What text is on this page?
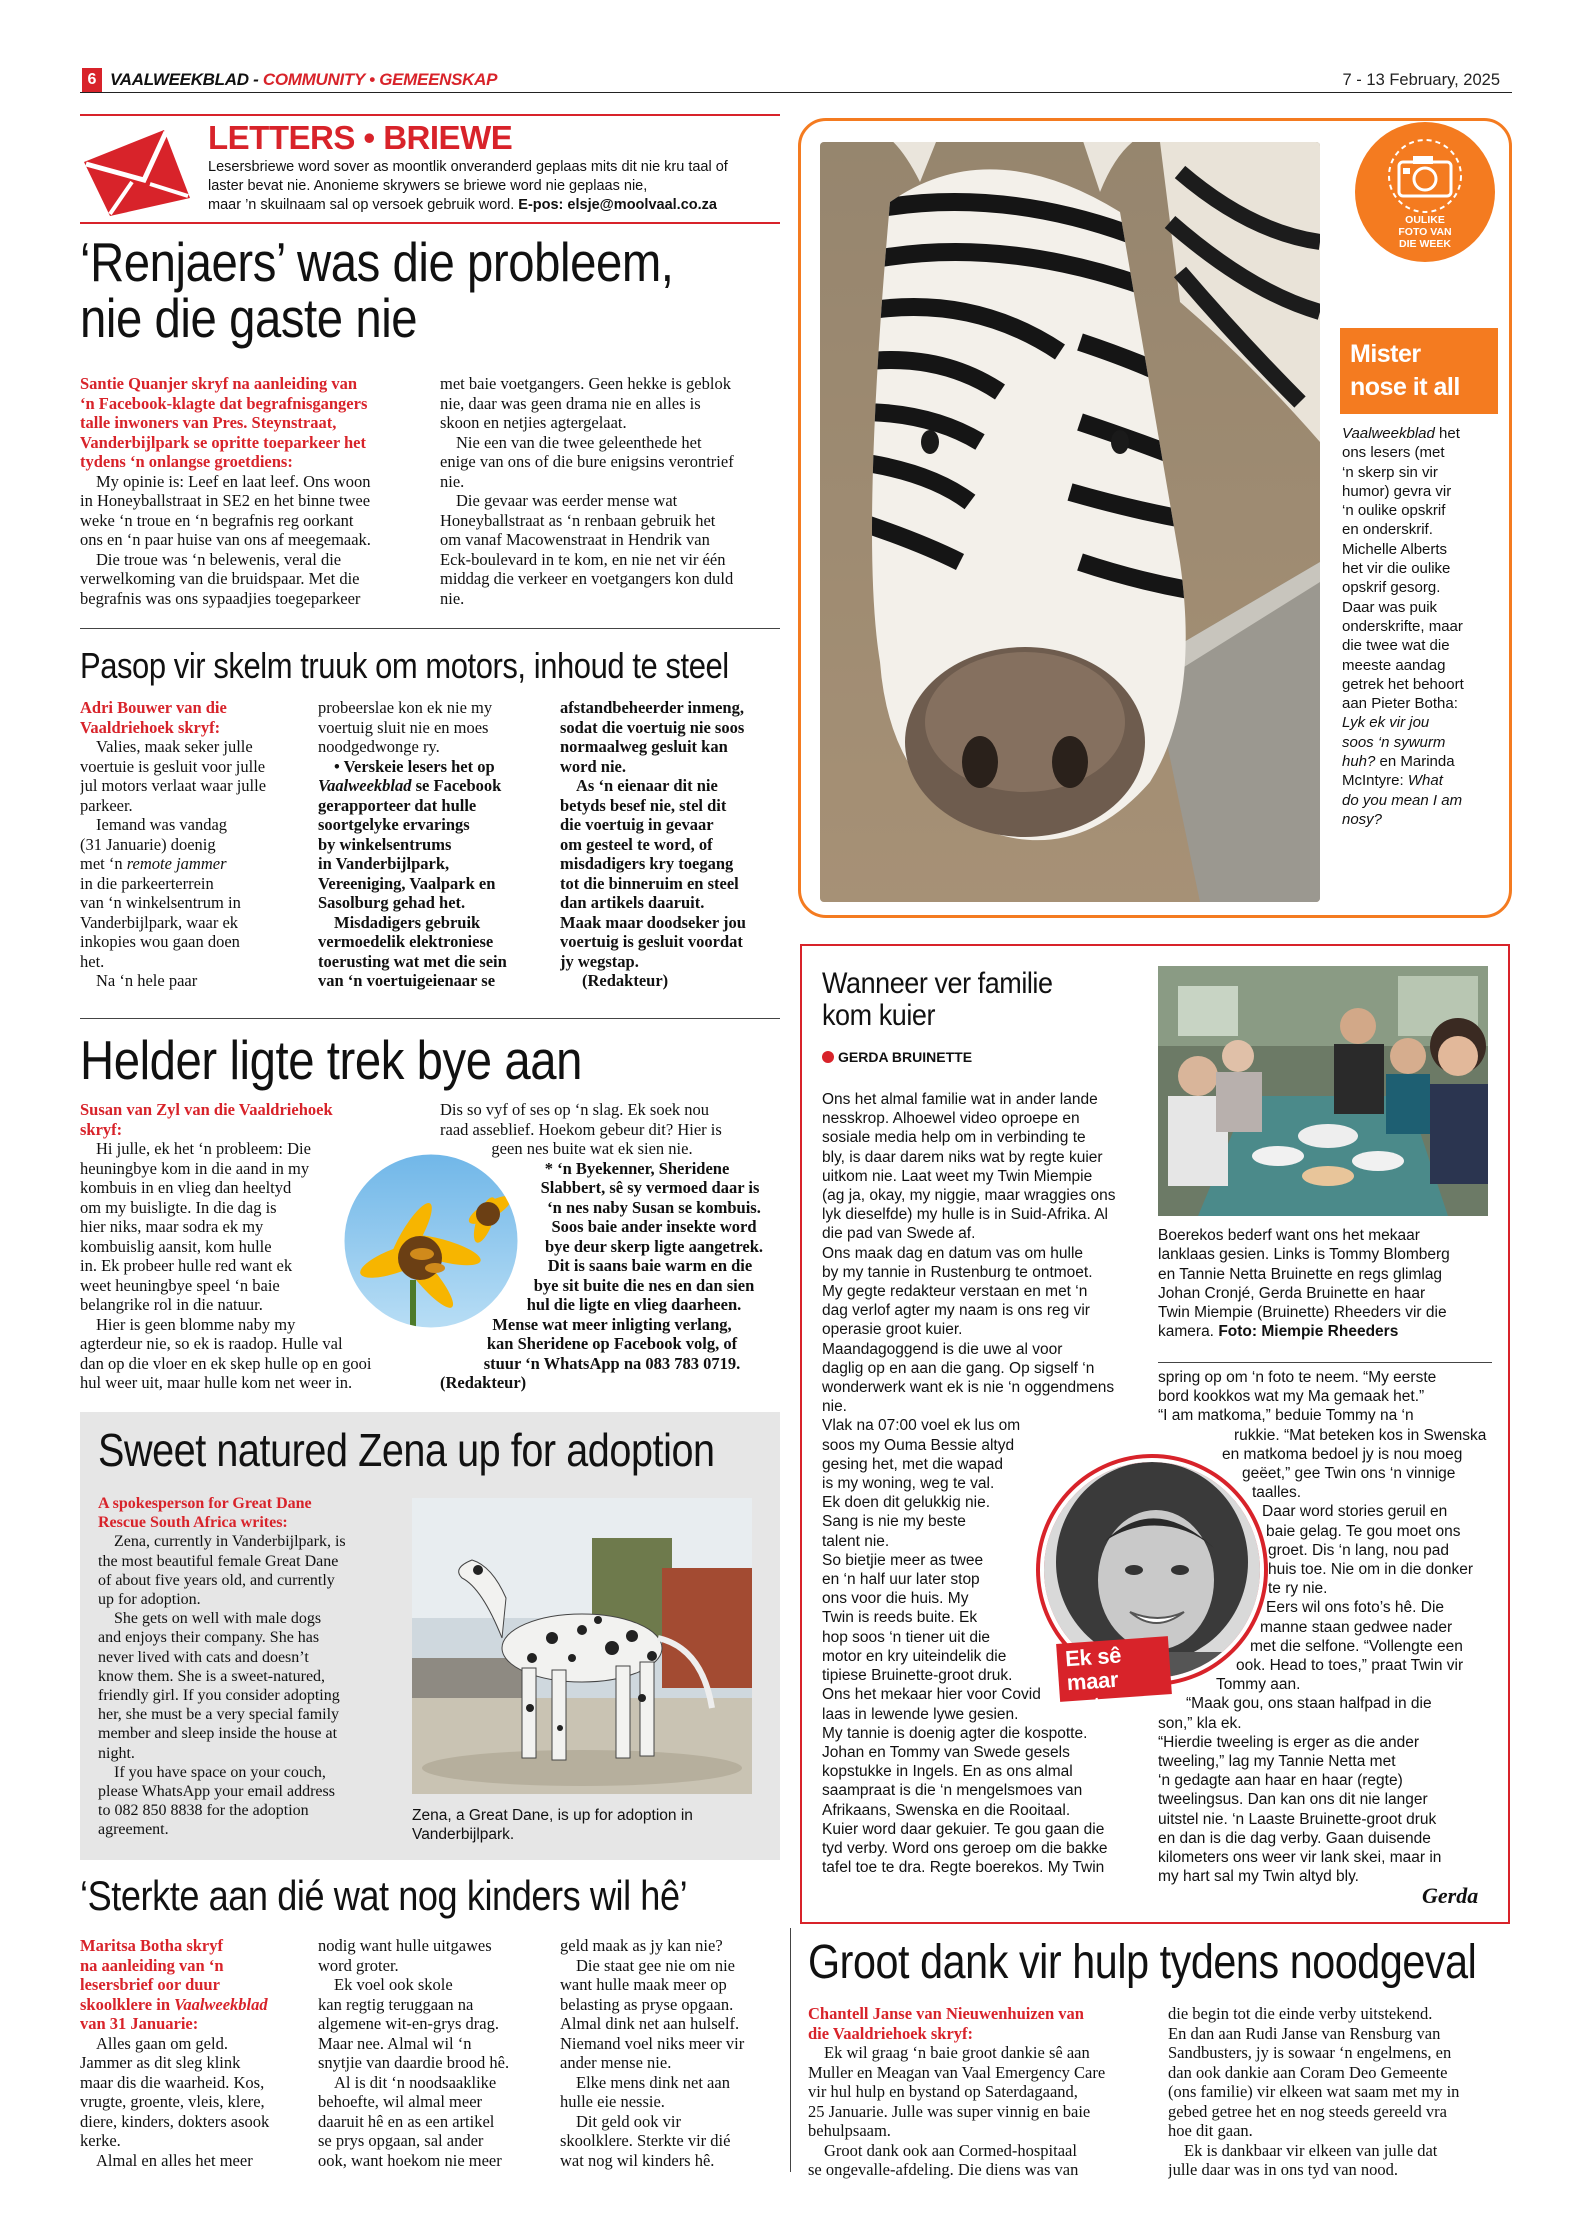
6 VAALWEEKBLAD - COMMUNITY • GEMEENSKAP	7 - 13 February, 2025
LETTERS • BRIEWE
Lesersbriewe word sover as moontlik onveranderd geplaas mits dit nie kru taal of
laster bevat nie. Anonieme skrywers se briewe word nie geplaas nie,
maar ’n skuilnaam sal op versoek gebruik word. E-pos: elsje@moolvaal.co.za
‘Renjaers’ was die probleem,
nie die gaste nie

Santie Quanjer skryf na aanleiding van

‘n Facebook-klagte dat begrafnisgangers

talle inwoners van Pres. Steynstraat,

Vanderbijlpark se opritte toeparkeer het

tydens ‘n onlangse groetdiens:

My opinie is: Leef en laat leef. Ons woon

in Honeyballstraat in SE2 en het binne twee

weke ‘n troue en ‘n begrafnis reg oorkant

ons en ‘n paar huise van ons af meegemaak.

Die troue was ‘n belewenis, veral die

verwelkoming van die bruidspaar. Met die

begrafnis was ons sypaadjies toegeparkeer

met baie voetgangers. Geen hekke is geblok

nie, daar was geen drama nie en alles is

skoon en netjies agtergelaat.

Nie een van die twee geleenthede het

enige van ons of die bure enigsins verontrief

nie.

Die gevaar was eerder mense wat

Honeyballstraat as ‘n renbaan gebruik het

om vanaf Macowenstraat in Hendrik van

Eck-boulevard in te kom, en nie net vir één

middag die verkeer en voetgangers kon duld

nie.

Pasop vir skelm truuk om motors, inhoud te steel

Adri Bouwer van die

Vaaldriehoek skryf:

Valies, maak seker julle

voertuie is gesluit voor julle

jul motors verlaat waar julle

parkeer.

Iemand was vandag

(31 Januarie) doenig

met ‘n remote jammer

in die parkeerterrein

van ‘n winkelsentrum in

Vanderbijlpark, waar ek

inkopies wou gaan doen

het.

Na ‘n hele paar

probeerslae kon ek nie my

voertuig sluit nie en moes

noodgedwonge ry.

• Verskeie lesers het op

Vaalweekblad se Facebook

gerapporteer dat hulle

soortgelyke ervarings

by winkelsentrums

in Vanderbijlpark,

Vereeniging, Vaalpark en

Sasolburg gehad het.

Misdadigers gebruik

vermoedelik elektroniese

toerusting wat met die sein

van ‘n voertuigeienaar se

afstandbeheerder inmeng,

sodat die voertuig nie soos

normaalweg gesluit kan

word nie.

As ‘n eienaar dit nie

betyds besef nie, stel dit

die voertuig in gevaar

om gesteel te word, of

misdadigers kry toegang

tot die binneruim en steel

dan artikels daaruit.

Maak maar doodseker jou

voertuig is gesluit voordat

jy wegstap.

(Redakteur)

Helder ligte trek bye aan

Susan van Zyl van die Vaaldriehoek

skryf:

Hi julle, ek het ‘n probleem: Die

heuningbye kom in die aand in my

kombuis in en vlieg dan heeltyd

om my buisligte. In die dag is

hier niks, maar sodra ek my

kombuislig aansit, kom hulle

in. Ek probeer hulle red want ek

weet heuningbye speel ‘n baie

belangrike rol in die natuur.

Hier is geen blomme naby my

agterdeur nie, so ek is raadop. Hulle val

dan op die vloer en ek skep hulle op en gooi

hul weer uit, maar hulle kom net weer in.

Dis so vyf of ses op ‘n slag. Ek soek nou

raad asseblief. Hoekom gebeur dit? Hier is

geen nes buite wat ek sien nie.

* ‘n Byekenner, Sheridene

Slabbert, sê sy vermoed daar is

‘n nes naby Susan se kombuis.

Soos baie ander insekte word

bye deur skerp ligte aangetrek.

Dit is saans baie warm en die

bye sit buite die nes en dan sien

hul die ligte en vlieg daarheen.

Mense wat meer inligting verlang,

kan Sheridene op Facebook volg, of

stuur ‘n WhatsApp na 083 783 0719.

(Redakteur)

Sweet natured Zena up for adoption

A spokesperson for Great Dane

Rescue South Africa writes:

Zena, currently in Vanderbijlpark, is

the most beautiful female Great Dane

of about five years old, and currently

up for adoption.

She gets on well with male dogs

and enjoys their company. She has

never lived with cats and doesn’t

know them. She is a sweet-natured,

friendly girl. If you consider adopting

her, she must be a very special family

member and sleep inside the house at

night.

If you have space on your couch,

please WhatsApp your email address

to 082 850 8838 for the adoption

agreement.

Zena, a Great Dane, is up for adoption in
Vanderbijlpark.
‘Sterkte aan dié wat nog kinders wil hê’

Maritsa Botha skryf

na aanleiding van ‘n

lesersbrief oor duur

skoolklere in Vaalweekblad

van 31 Januarie:

Alles gaan om geld.

Jammer as dit sleg klink

maar dis die waarheid. Kos,

vrugte, groente, vleis, klere,

diere, kinders, dokters asook

kerke.

Almal en alles het meer

nodig want hulle uitgawes

word groter.

Ek voel ook skole

kan regtig teruggaan na

algemene wit-en-grys drag.

Maar nee. Almal wil ‘n

snytjie van daardie brood hê.

Al is dit ‘n noodsaaklike

behoefte, wil almal meer

daaruit hê en as een artikel

se prys opgaan, sal ander

ook, want hoekom nie meer

geld maak as jy kan nie?

Die staat gee nie om nie

want hulle maak meer op

belasting as pryse opgaan.

Almal dink net aan hulself.

Niemand voel niks meer vir

ander mense nie.

Elke mens dink net aan

hulle eie nessie.

Dit geld ook vir

skoolklere. Sterkte vir dié

wat nog wil kinders hê.

OULIKE
FOTO VAN
DIE WEEK
Mister
nose it all

Vaalweekblad het

ons lesers (met

‘n skerp sin vir

humor) gevra vir

‘n oulike opskrif

en onderskrif.

Michelle Alberts

het vir die oulike

opskrif gesorg.

Daar was puik

onderskrifte, maar

die twee wat die

meeste aandag

getrek het behoort

aan Pieter Botha:

Lyk ek vir jou

soos ‘n sywurm

huh? en Marinda

McIntyre: What

do you mean I am

nosy?

Wanneer ver familie
kom kuier
GERDA BRUINETTE

Boerekos bederf want ons het mekaar

lanklaas gesien. Links is Tommy Blomberg

en Tannie Netta Bruinette en regs glimlag

Johan Cronjé, Gerda Bruinette en haar

Twin Miempie (Bruinette) Rheeders vir die

kamera. Foto: Miempie Rheeders

Ons het almal familie wat in ander lande

nesskrop. Alhoewel video oproepe en

sosiale media help om in verbinding te

bly, is daar darem niks wat by regte kuier

uitkom nie. Laat weet my Twin Miempie

(ag ja, okay, my niggie, maar wraggies ons

lyk dieselfde) my hulle is in Suid-Afrika. Al

die pad van Swede af.

Ons maak dag en datum vas om hulle

by my tannie in Rustenburg te ontmoet.

My gegte redakteur verstaan en met ‘n

dag verlof agter my naam is ons reg vir

operasie groot kuier.

Maandagoggend is die uwe al voor

daglig op en aan die gang. Op sigself ‘n

wonderwerk want ek is nie ‘n oggendmens

nie.

Vlak na 07:00 voel ek lus om

soos my Ouma Bessie altyd

gesing het, met die wapad

is my woning, weg te val.

Ek doen dit gelukkig nie.

Sang is nie my beste

talent nie.

So bietjie meer as twee

en ‘n half uur later stop

ons voor die huis. My

Twin is reeds buite. Ek

hop soos ‘n tiener uit die

motor en kry uiteindelik die

tipiese Bruinette-groot druk.

Ons het mekaar hier voor Covid

laas in lewende lywe gesien.

My tannie is doenig agter die kospotte.

Johan en Tommy van Swede gesels

kopstukke in Ingels. En as ons almal

saampraat is die ‘n mengelsmoes van

Afrikaans, Swenska en die Rooitaal.

Kuier word daar gekuier. Te gou gaan die

tyd verby. Word ons geroep om die bakke

tafel toe te dra. Regte boerekos. My Twin

spring op om ‘n foto te neem. “My eerste

bord kookkos wat my Ma gemaak het.”

“I am matkoma,” beduie Tommy na ‘n

rukkie. “Mat beteken kos in Swenska

en matkoma bedoel jy is nou moeg

geëet,” gee Twin ons ‘n vinnige

taalles.

Daar word stories geruil en

baie gelag. Te gou moet ons

groet. Dis ‘n lang, nou pad

huis toe. Nie om in die donker

te ry nie.

Eers wil ons foto’s hê. Die

manne staan gedwee nader

met die selfone. “Vollengte een

ook. Head to toes,” praat Twin vir

Tommy aan.

“Maak gou, ons staan halfpad in die

son,” kla ek.

“Hierdie tweeling is erger as die ander

tweeling,” lag my Tannie Netta met

‘n gedagte aan haar en haar (regte)

tweelingsus. Dan kan ons dit nie langer

uitstel nie. ‘n Laaste Bruinette-groot druk

en dan is die dag verby. Gaan duisende

kilometers ons weer vir lank skei, maar in

my hart sal my Twin altyd bly.

Gerda
Ek sê
maar net...
Groot dank vir hulp tydens noodgeval

Chantell Janse van Nieuwenhuizen van

die Vaaldriehoek skryf:

Ek wil graag ‘n baie groot dankie sê aan

Muller en Meagan van Vaal Emergency Care

vir hul hulp en bystand op Saterdagaand,

25 Januarie. Julle was super vinnig en baie

behulpsaam.

Groot dank ook aan Cormed-hospitaal

se ongevalle-afdeling. Die diens was van

die begin tot die einde verby uitstekend.

En dan aan Rudi Janse van Rensburg van

Sandbusters, jy is sowaar ‘n engelmens, en

dan ook dankie aan Coram Deo Gemeente

(ons familie) vir elkeen wat saam met my in

gebed getree het en nog steeds gereeld vra

hoe dit gaan.

Ek is dankbaar vir elkeen van julle dat

julle daar was in ons tyd van nood.
